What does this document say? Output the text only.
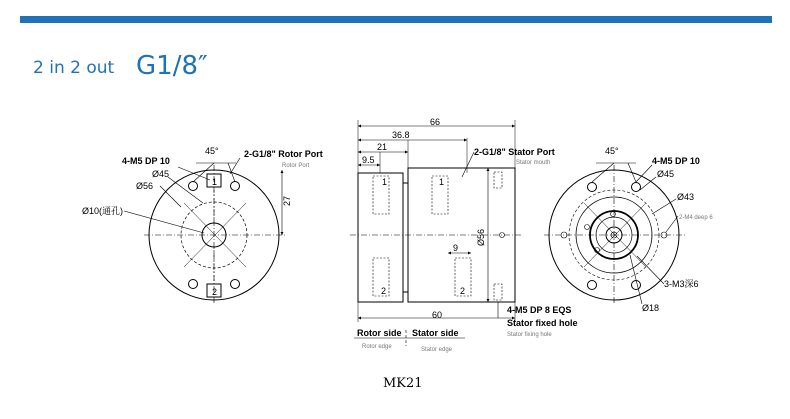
2 in 2 out G1/8″
45°	2-G1/8" Rotor Port
Rotor Port
4-M5 DP 10
Ø45
Ø56
Ø10(通孔)
27
1
2
66
36.8
21
9.5
60
Ø56
9
2-G1/8" Stator Port
Stator mouth
4-M5 DP 8 EQS
Stator fixed hole
Stator fixing hole
Rotor side
Rotor edge
Stator side
Stator edge
1	1
2	2
45°
4-M5 DP 10
Ø45
Ø43
2-M4 deep 6
3-M3深6
Ø18
MK21
